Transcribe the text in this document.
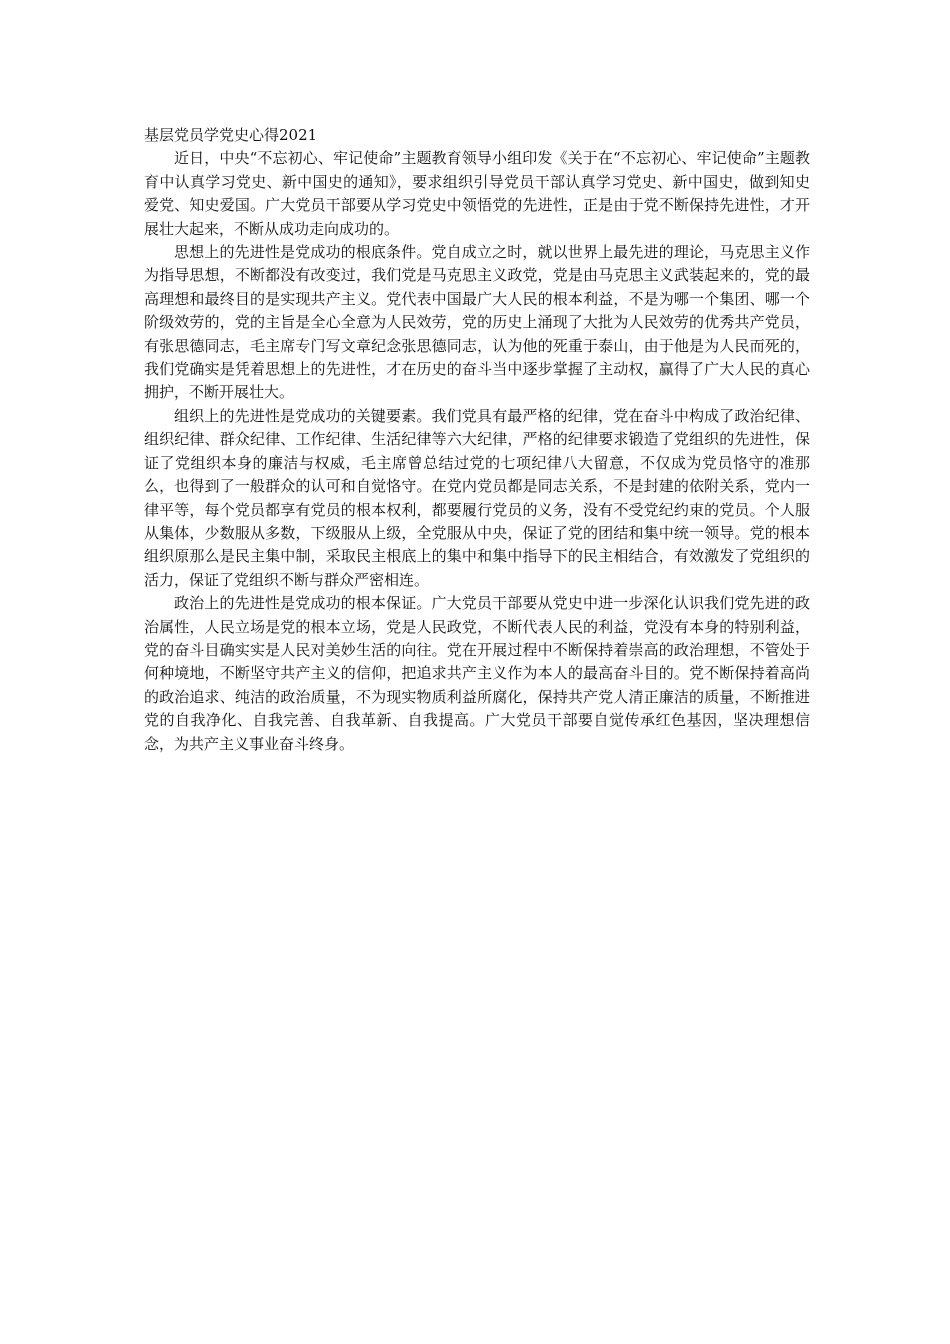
基层党员学党史心得2021

近日，中央“不忘初心、牢记使命”主题教育领导小组印发《关于在“不忘初心、牢记使命”主题教育中认真学习党史、新中国史的通知》，要求组织引导党员干部认真学习党史、新中国史，做到知史爱党、知史爱国。广大党员干部要从学习党史中领悟党的先进性，正是由于党不断保持先进性，才开展壮大起来，不断从成功走向成功的。

思想上的先进性是党成功的根底条件。党自成立之时，就以世界上最先进的理论，马克思主义作为指导思想，不断都没有改变过，我们党是马克思主义政党，党是由马克思主义武装起来的，党的最高理想和最终目的是实现共产主义。党代表中国最广大人民的根本利益，不是为哪一个集团、哪一个阶级效劳的，党的主旨是全心全意为人民效劳，党的历史上涌现了大批为人民效劳的优秀共产党员，有张思德同志，毛主席专门写文章纪念张思德同志，认为他的死重于泰山，由于他是为人民而死的，我们党确实是凭着思想上的先进性，才在历史的奋斗当中逐步掌握了主动权，赢得了广大人民的真心拥护，不断开展壮大。

组织上的先进性是党成功的关键要素。我们党具有最严格的纪律，党在奋斗中构成了政治纪律、组织纪律、群众纪律、工作纪律、生活纪律等六大纪律，严格的纪律要求锻造了党组织的先进性，保证了党组织本身的廉洁与权威，毛主席曾总结过党的七项纪律八大留意，不仅成为党员恪守的准那么，也得到了一般群众的认可和自觉恪守。在党内党员都是同志关系，不是封建的依附关系，党内一律平等，每个党员都享有党员的根本权利，都要履行党员的义务，没有不受党纪约束的党员。个人服从集体，少数服从多数，下级服从上级，全党服从中央，保证了党的团结和集中统一领导。党的根本组织原那么是民主集中制，采取民主根底上的集中和集中指导下的民主相结合，有效激发了党组织的活力，保证了党组织不断与群众严密相连。

政治上的先进性是党成功的根本保证。广大党员干部要从党史中进一步深化认识我们党先进的政治属性，人民立场是党的根本立场，党是人民政党，不断代表人民的利益，党没有本身的特别利益，党的奋斗目确实实是人民对美妙生活的向往。党在开展过程中不断保持着崇高的政治理想，不管处于何种境地，不断坚守共产主义的信仰，把追求共产主义作为本人的最高奋斗目的。党不断保持着高尚的政治追求、纯洁的政治质量，不为现实物质利益所腐化，保持共产党人清正廉洁的质量，不断推进党的自我净化、自我完善、自我革新、自我提高。广大党员干部要自觉传承红色基因，坚决理想信念，为共产主义事业奋斗终身。
